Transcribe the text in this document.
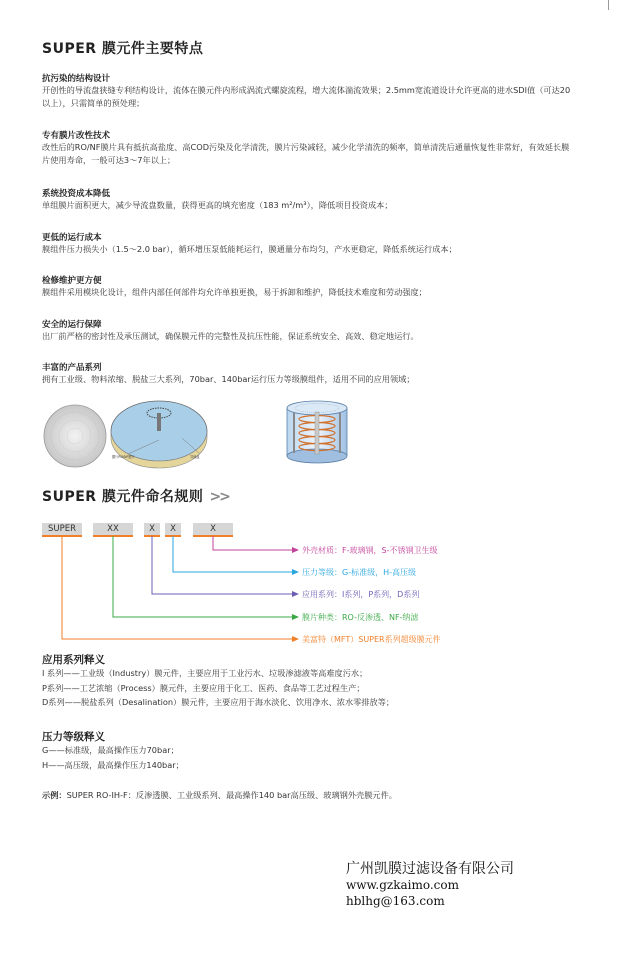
SUPER 膜元件主要特点
抗污染的结构设计
开创性的导流盘狭缝专利结构设计，流体在膜元件内形成涡流式螺旋流程，增大流体湍流效果；2.5mm宽流道设计允许更高的进水SDI值（可达20以上），只需简单的预处理；
专有膜片改性技术
改性后的RO/NF膜片具有抵抗高盐度、高COD污染及化学清洗，膜片污染减轻，减少化学清洗的频率，简单清洗后通量恢复性非常好，有效延长膜片使用寿命，一般可达3～7年以上；
系统投资成本降低
单组膜片面积更大，减少导流盘数量，获得更高的填充密度（183 m²/m³），降低项目投资成本；
更低的运行成本
膜组件压力损失小（1.5～2.0 bar），循环增压泵低能耗运行，膜通量分布均匀，产水更稳定，降低系统运行成本；
检修维护更方便
膜组件采用模块化设计，组件内部任何部件均允许单独更换，易于拆卸和维护，降低技术难度和劳动强度；
安全的运行保障
出厂前严格的密封性及承压测试，确保膜元件的完整性及抗压性能，保证系统安全、高效、稳定地运行。
丰富的产品系列
拥有工业级、物料浓缩、脱盐三大系列，70bar、140bar运行压力等级膜组件，适用不同的应用领域；
膜片RO/NF膜片	导流盘
SUPER 膜元件命名规则 >>
SUPER	XX	X	X	X
外壳材质：F-玻璃钢，S-不锈钢卫生级
压力等级：G-标准级，H-高压级
应用系列：I系列，P系列，D系列
膜片种类：RO-反渗透、NF-纳滤
美富特（MFT）SUPER系列超级膜元件
应用系列释义
I 系列——工业级（Industry）膜元件，主要应用于工业污水、垃圾渗滤液等高难度污水；
P系列——工艺浓缩（Process）膜元件，主要应用于化工、医药、食品等工艺过程生产；
D系列——脱盐系列（Desalination）膜元件，主要应用于海水淡化、饮用净水、浓水零排放等；
压力等级释义
G——标准级，最高操作压力70bar；
H——高压级，最高操作压力140bar；
示例：SUPER RO-IH-F：反渗透膜、工业级系列、最高操作140 bar高压级、玻璃钢外壳膜元件。
广州凯膜过滤设备有限公司
www.gzkaimo.com
hblhg@163.com
